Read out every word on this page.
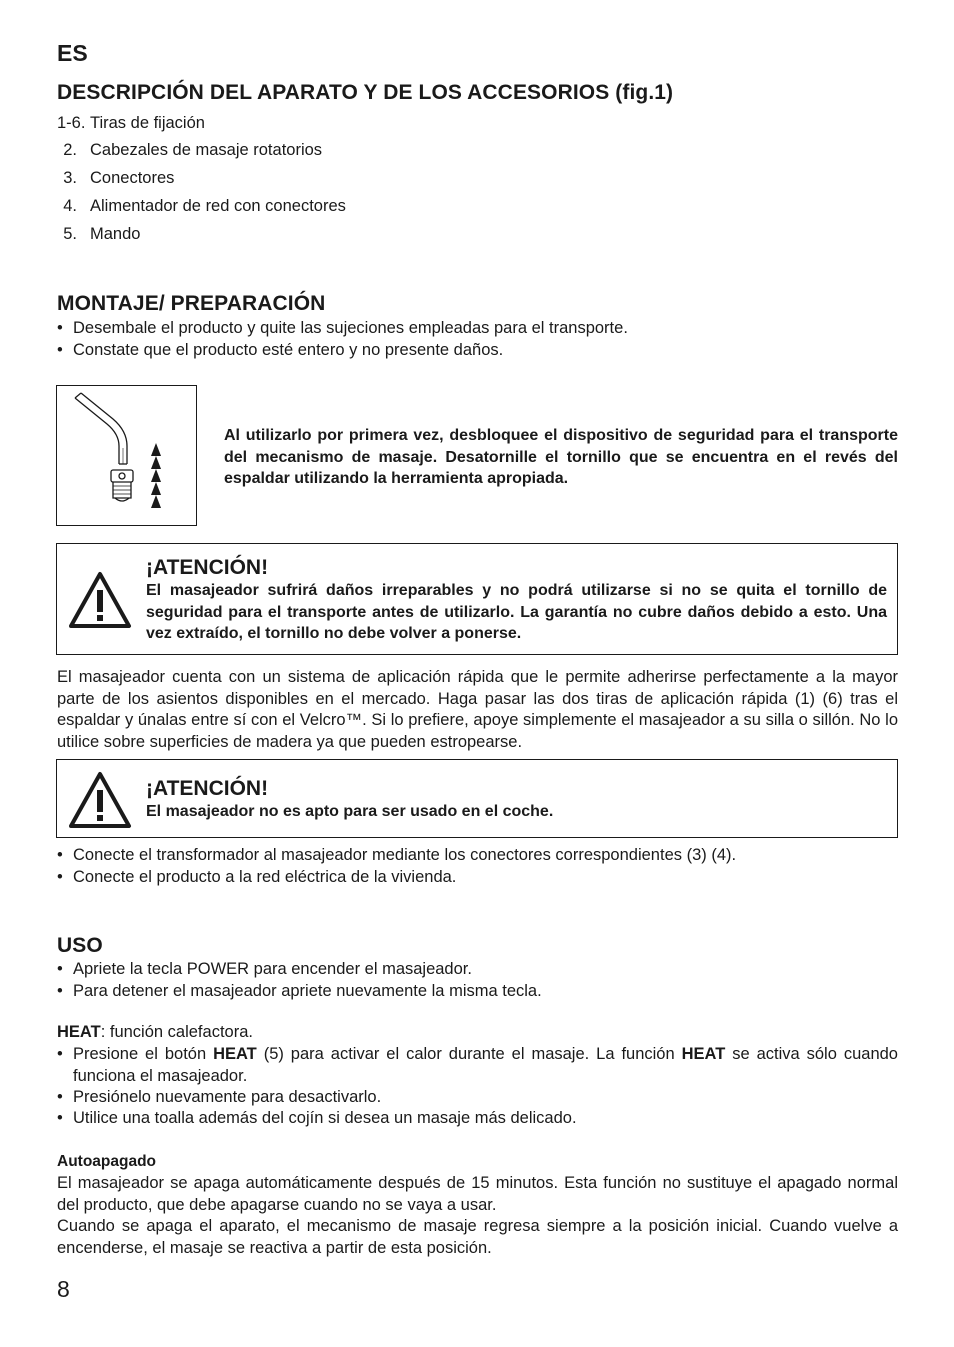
ES
DESCRIPCIÓN DEL APARATO Y DE LOS ACCESORIOS (fig.1)
1-6. Tiras de fijación
2. Cabezales de masaje rotatorios
3. Conectores
4. Alimentador de red con conectores
5. Mando
MONTAJE/ PREPARACIÓN
• Desembale el producto y quite las sujeciones empleadas para el transporte.
• Constate que el producto esté entero y no presente daños.
Al utilizarlo por primera vez, desbloquee el dispositivo de seguridad para el transporte del mecanismo de masaje. Desatornille el tornillo que se encuentra en el revés del espaldar utilizando la herramienta apropiada.
¡ATENCIÓN!
El masajeador sufrirá daños irreparables y no podrá utilizarse si no se quita el tornillo de seguridad para el transporte antes de utilizarlo. La garantía no cubre daños debido a esto. Una vez extraído, el tornillo no debe volver a ponerse.
El masajeador cuenta con un sistema de aplicación rápida que le permite adherirse perfectamente a la mayor parte de los asientos disponibles en el mercado. Haga pasar las dos tiras de aplicación rápida (1) (6) tras el espaldar y únalas entre sí con el Velcro™. Si lo prefiere, apoye simplemente el masajeador a su silla o sillón. No lo utilice sobre superficies de madera ya que pueden estropearse.
¡ATENCIÓN!
El masajeador no es apto para ser usado en el coche.
• Conecte el transformador al masajeador mediante los conectores correspondientes (3) (4).
• Conecte el producto a la red eléctrica de la vivienda.
USO
• Apriete la tecla POWER para encender el masajeador.
• Para detener el masajeador apriete nuevamente la misma tecla.
HEAT: función calefactora.
• Presione el botón HEAT (5) para activar el calor durante el masaje. La función HEAT se activa sólo cuando funciona el masajeador.
• Presiónelo nuevamente para desactivarlo.
• Utilice una toalla además del cojín si desea un masaje más delicado.
Autoapagado
El masajeador se apaga automáticamente después de 15 minutos. Esta función no sustituye el apagado normal del producto, que debe apagarse cuando no se vaya a usar.
Cuando se apaga el aparato, el mecanismo de masaje regresa siempre a la posición inicial. Cuando vuelve a encenderse, el masaje se reactiva a partir de esta posición.
8
